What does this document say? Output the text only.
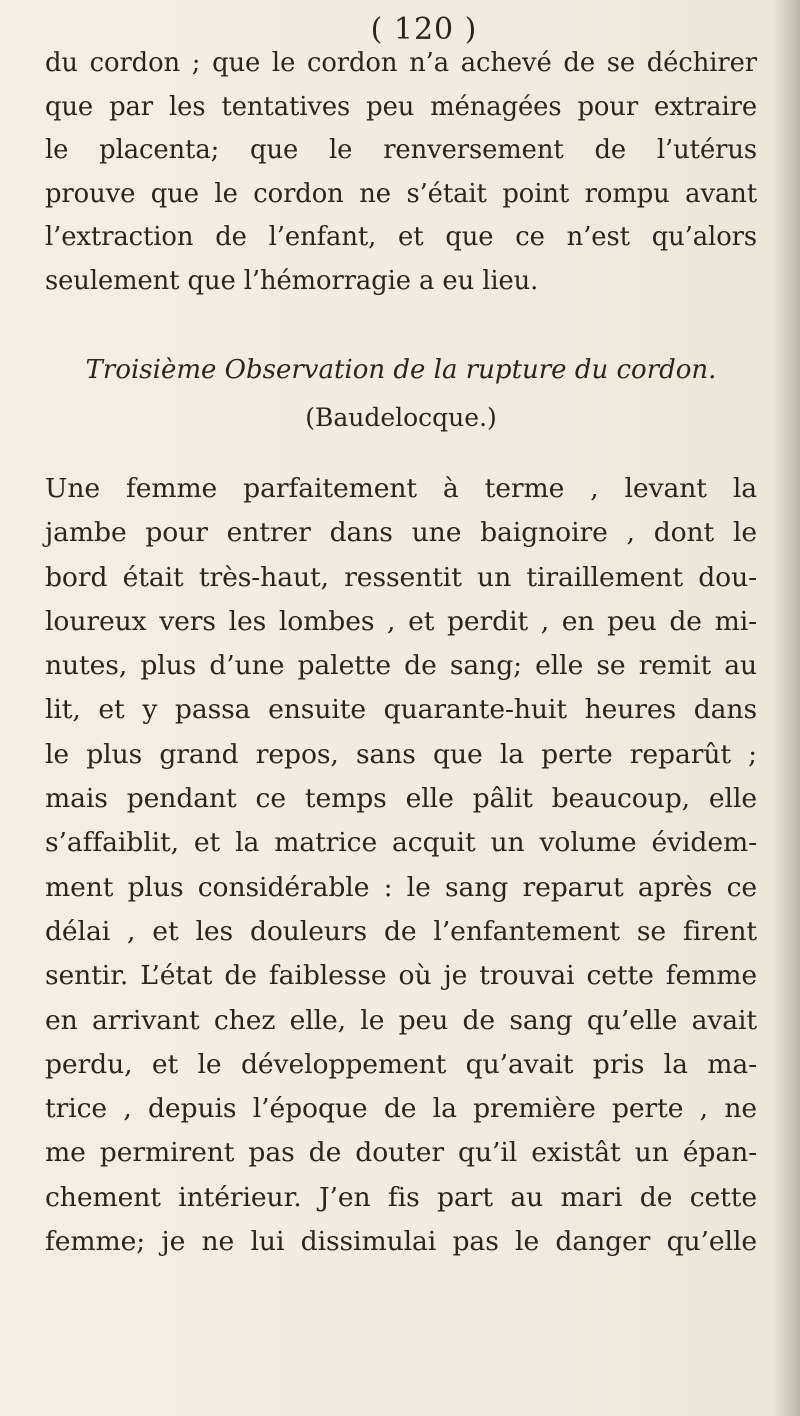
( 120 )
du cordon ; que le cordon n’a achevé de se déchirer
que par les tentatives peu ménagées pour extraire
le placenta; que le renversement de l’utérus
prouve que le cordon ne s’était point rompu avant
l’extraction de l’enfant, et que ce n’est qu’alors
seulement que l’hémorragie a eu lieu.
Troisième Observation de la rupture du cordon.
(Baudelocque.)
Une femme parfaitement à terme , levant la
jambe pour entrer dans une baignoire , dont le
bord était très-haut, ressentit un tiraillement dou-
loureux vers les lombes , et perdit , en peu de mi-
nutes, plus d’une palette de sang; elle se remit au
lit, et y passa ensuite quarante-huit heures dans
le plus grand repos, sans que la perte reparût ;
mais pendant ce temps elle pâlit beaucoup, elle
s’affaiblit, et la matrice acquit un volume évidem-
ment plus considérable : le sang reparut après ce
délai , et les douleurs de l’enfantement se firent
sentir. L’état de faiblesse où je trouvai cette femme
en arrivant chez elle, le peu de sang qu’elle avait
perdu, et le développement qu’avait pris la ma-
trice , depuis l’époque de la première perte , ne
me permirent pas de douter qu’il existât un épan-
chement intérieur. J’en fis part au mari de cette
femme; je ne lui dissimulai pas le danger qu’elle
